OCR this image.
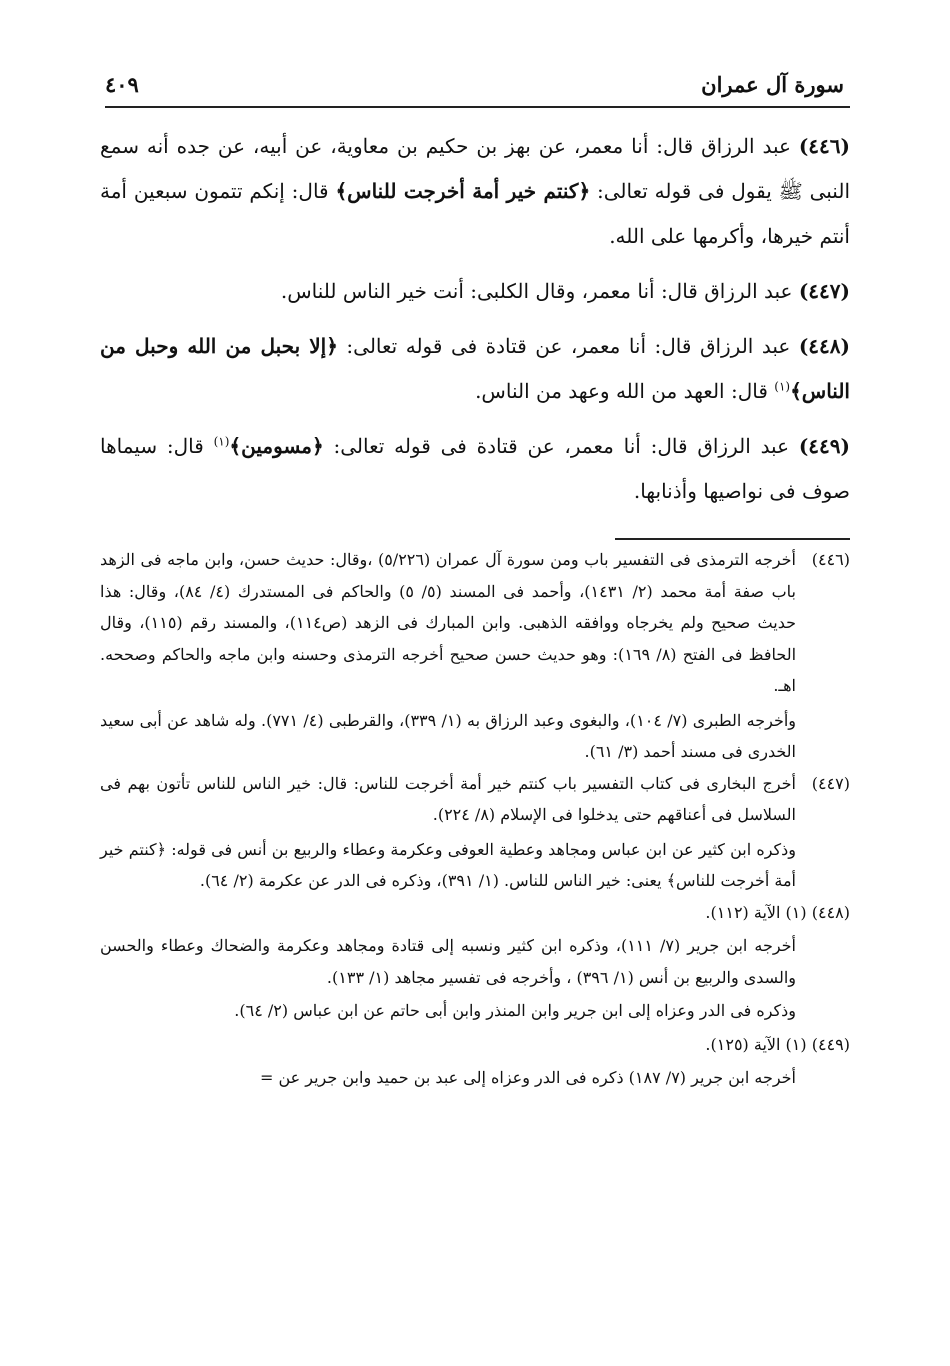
سورة آل عمران
٤٠٩

(٤٤٦) عبد الرزاق قال: أنا معمر، عن بهز بن حكيم بن معاوية، عن أبيه، عن جده أنه سمع النبى ﷺ يقول فى قوله تعالى: ﴿كنتم خير أمة أخرجت للناس﴾ قال: إنكم تتمون سبعين أمة أنتم خيرها، وأكرمها على الله.

(٤٤٧) عبد الرزاق قال: أنا معمر، وقال الكلبى: أنت خير الناس للناس.

(٤٤٨) عبد الرزاق قال: أنا معمر، عن قتادة فى قوله تعالى: ﴿إلا بحبل من الله وحبل من الناس﴾$^{(١)}$ قال: العهد من الله وعهد من الناس.

(٤٤٩) عبد الرزاق قال: أنا معمر، عن قتادة فى قوله تعالى: ﴿مسومين﴾$^{(١)}$ قال: سيماها صوف فى نواصيها وأذنابها.

(٤٤٦)
أخرجه الترمذى فى التفسير باب ومن سورة آل عمران (٥/٢٢٦) ،وقال: حديث حسن، وابن ماجه فى الزهد باب صفة أمة محمد (٢/ ١٤٣١)، وأحمد فى المسند (٥/ ٥) والحاكم فى المستدرك (٤/ ٨٤)، وقال: هذا حديث صحيح ولم يخرجاه ووافقه الذهبى. وابن المبارك فى الزهد (ص١١٤)، والمسند رقم (١١٥)، وقال الحافظ فى الفتح (٨/ ١٦٩): وهو حديث حسن صحيح أخرجه الترمذى وحسنه وابن ماجه والحاكم وصححه. اهـ.
وأخرجه الطبرى (٧/ ١٠٤)، والبغوى وعبد الرزاق به (١/ ٣٣٩)، والقرطبى (٤/ ٧٧١). وله شاهد عن أبى سعيد الخدرى فى مسند أحمد (٣/ ٦١).
(٤٤٧)
أخرج البخارى فى كتاب التفسير باب كنتم خير أمة أخرجت للناس: قال: خير الناس للناس تأتون بهم فى السلاسل فى أعناقهم حتى يدخلوا فى الإسلام (٨/ ٢٢٤).
وذكره ابن كثير عن ابن عباس ومجاهد وعطية العوفى وعكرمة وعطاء والربيع بن أنس فى قوله: ﴿كنتم خير أمة أخرجت للناس﴾ يعنى: خير الناس للناس. (١/ ٣٩١)، وذكره فى الدر عن عكرمة (٢/ ٦٤).
(٤٤٨) (١) الآية (١١٢).
أخرجه ابن جرير (٧/ ١١١)، وذكره ابن كثير ونسبه إلى قتادة ومجاهد وعكرمة والضحاك وعطاء والحسن والسدى والربيع بن أنس (١/ ٣٩٦) ، وأخرجه فى تفسير مجاهد (١/ ١٣٣).
وذكره فى الدر وعزاه إلى ابن جرير وابن المنذر وابن أبى حاتم عن ابن عباس (٢/ ٦٤).
(٤٤٩) (١) الآية (١٢٥).
أخرجه ابن جرير (٧/ ١٨٧) ذكره فى الدر وعزاه إلى عبد بن حميد وابن جرير عن =
